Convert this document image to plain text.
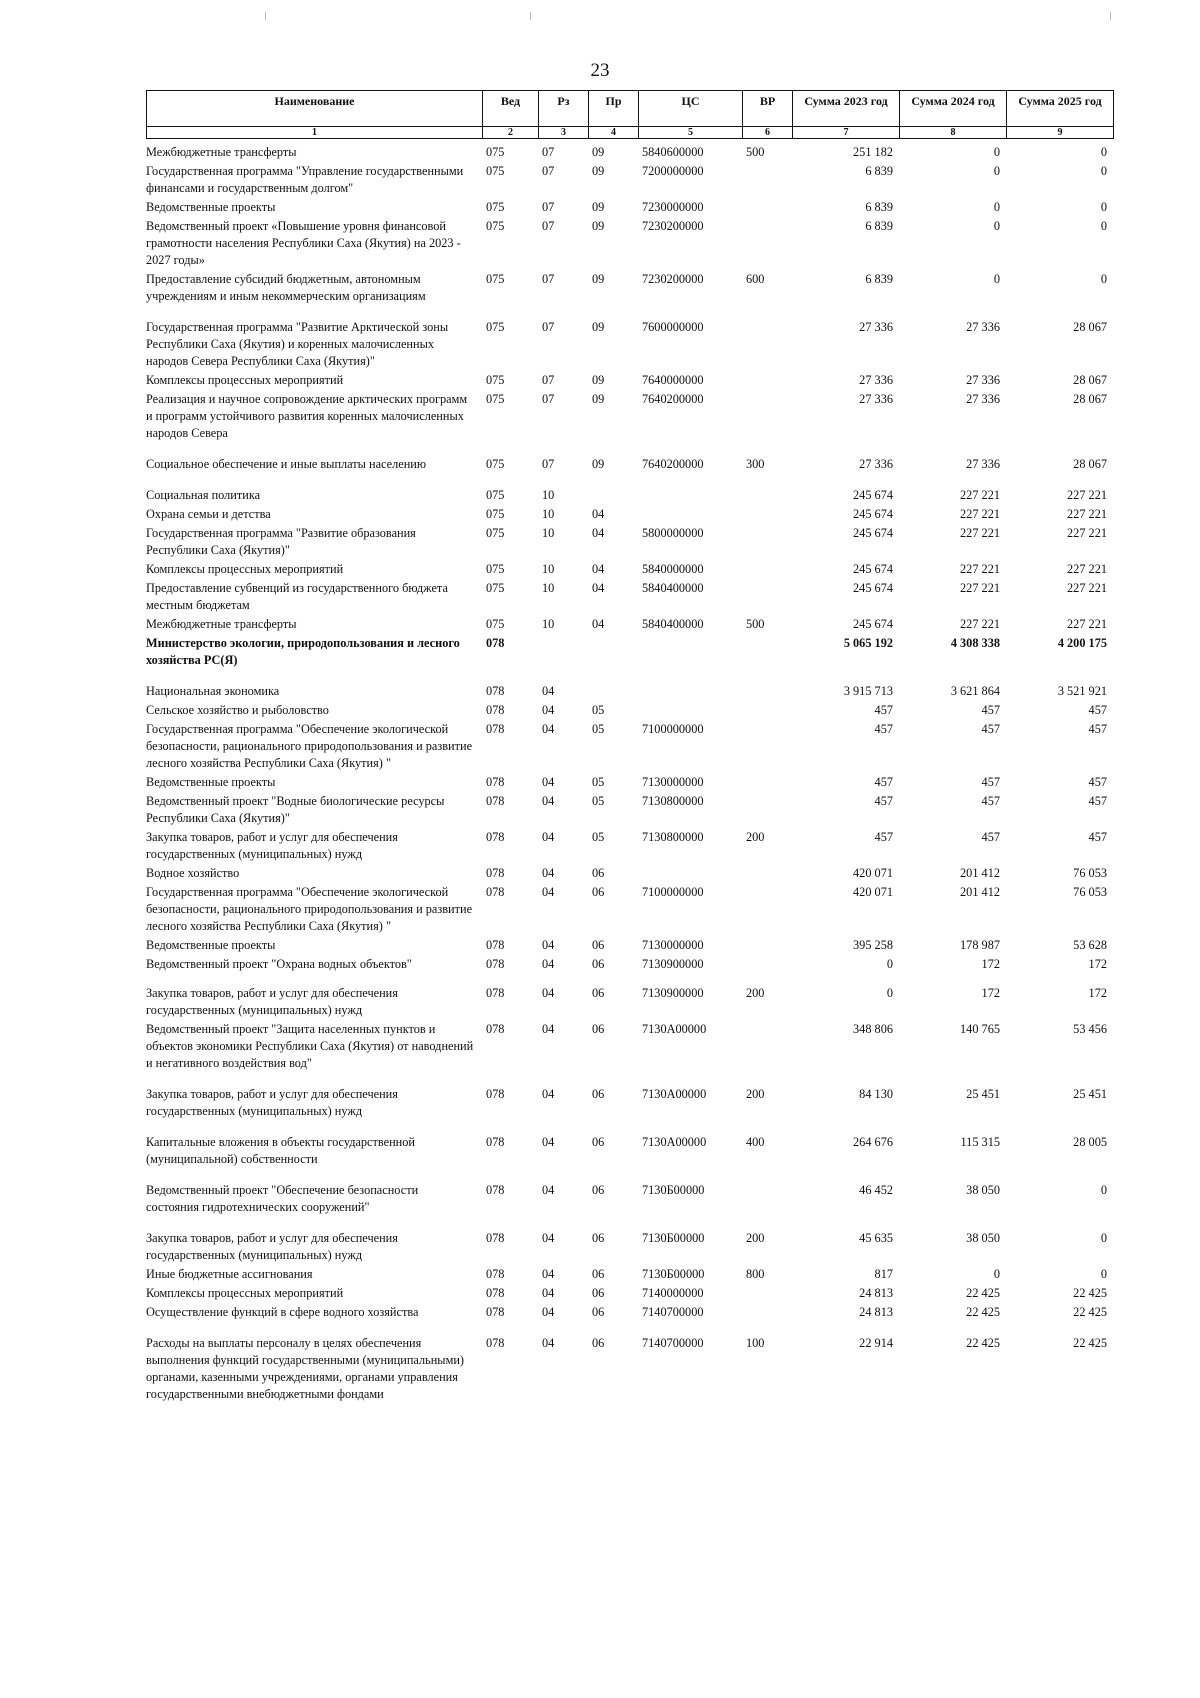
23
Наименование	Вед	Рз	Пр	ЦС	ВР	Сумма 2023 год	Сумма 2024 год	Сумма 2025 год
1	2	3	4	5	6	7	8	9
Межбюджетные трансферты	075	07	09	5840600000	500	251 182	0	0
Государственная программа "Управление государственными финансами и государственным долгом"	075	07	09	7200000000		6 839	0	0
Ведомственные проекты	075	07	09	7230000000		6 839	0	0
Ведомственный проект «Повышение уровня финансовой грамотности населения Республики Саха (Якутия) на 2023 - 2027 годы»	075	07	09	7230200000		6 839	0	0
Предоставление субсидий бюджетным, автономным учреждениям и иным некоммерческим организациям	075	07	09	7230200000	600	6 839	0	0
Государственная программа "Развитие Арктической зоны Республики Саха (Якутия) и коренных малочисленных народов Севера Республики Саха (Якутия)"	075	07	09	7600000000		27 336	27 336	28 067
Комплексы процессных мероприятий	075	07	09	7640000000		27 336	27 336	28 067
Реализация и научное сопровождение арктических программ и программ устойчивого развития коренных малочисленных народов Севера	075	07	09	7640200000		27 336	27 336	28 067
Социальное обеспечение и иные выплаты населению	075	07	09	7640200000	300	27 336	27 336	28 067
Социальная политика	075	10				245 674	227 221	227 221
Охрана семьи и детства	075	10	04			245 674	227 221	227 221
Государственная программа "Развитие образования Республики Саха (Якутия)"	075	10	04	5800000000		245 674	227 221	227 221
Комплексы процессных мероприятий	075	10	04	5840000000		245 674	227 221	227 221
Предоставление субвенций из государственного бюджета местным бюджетам	075	10	04	5840400000		245 674	227 221	227 221
Межбюджетные трансферты	075	10	04	5840400000	500	245 674	227 221	227 221
Министерство экологии, природопользования и лесного хозяйства РС(Я)	078					5 065 192	4 308 338	4 200 175
Национальная экономика	078	04				3 915 713	3 621 864	3 521 921
Сельское хозяйство и рыболовство	078	04	05			457	457	457
Государственная программа "Обеспечение экологической безопасности, рационального природопользования и развитие лесного хозяйства Республики Саха (Якутия) "	078	04	05	7100000000		457	457	457
Ведомственные проекты	078	04	05	7130000000		457	457	457
Ведомственный проект "Водные биологические ресурсы Республики Саха (Якутия)"	078	04	05	7130800000		457	457	457
Закупка товаров, работ и услуг для обеспечения государственных (муниципальных) нужд	078	04	05	7130800000	200	457	457	457
Водное хозяйство	078	04	06			420 071	201 412	76 053
Государственная программа "Обеспечение экологической безопасности, рационального природопользования и развитие лесного хозяйства Республики Саха (Якутия) "	078	04	06	7100000000		420 071	201 412	76 053
Ведомственные проекты	078	04	06	7130000000		395 258	178 987	53 628
Ведомственный проект "Охрана водных объектов"	078	04	06	7130900000		0	172	172
Закупка товаров, работ и услуг для обеспечения государственных (муниципальных) нужд	078	04	06	7130900000	200	0	172	172
Ведомственный проект "Защита населенных пунктов и объектов экономики Республики Саха (Якутия) от наводнений и негативного воздействия вод"	078	04	06	7130А00000		348 806	140 765	53 456
Закупка товаров, работ и услуг для обеспечения государственных (муниципальных) нужд	078	04	06	7130А00000	200	84 130	25 451	25 451
Капитальные вложения в объекты государственной (муниципальной) собственности	078	04	06	7130А00000	400	264 676	115 315	28 005
Ведомственный проект "Обеспечение безопасности состояния гидротехнических сооружений"	078	04	06	7130Б00000		46 452	38 050	0
Закупка товаров, работ и услуг для обеспечения государственных (муниципальных) нужд	078	04	06	7130Б00000	200	45 635	38 050	0
Иные бюджетные ассигнования	078	04	06	7130Б00000	800	817	0	0
Комплексы процессных мероприятий	078	04	06	7140000000		24 813	22 425	22 425
Осуществление функций в сфере водного хозяйства	078	04	06	7140700000		24 813	22 425	22 425
Расходы на выплаты персоналу в целях обеспечения выполнения функций государственными (муниципальными) органами, казенными учреждениями, органами управления государственными внебюджетными фондами	078	04	06	7140700000	100	22 914	22 425	22 425
